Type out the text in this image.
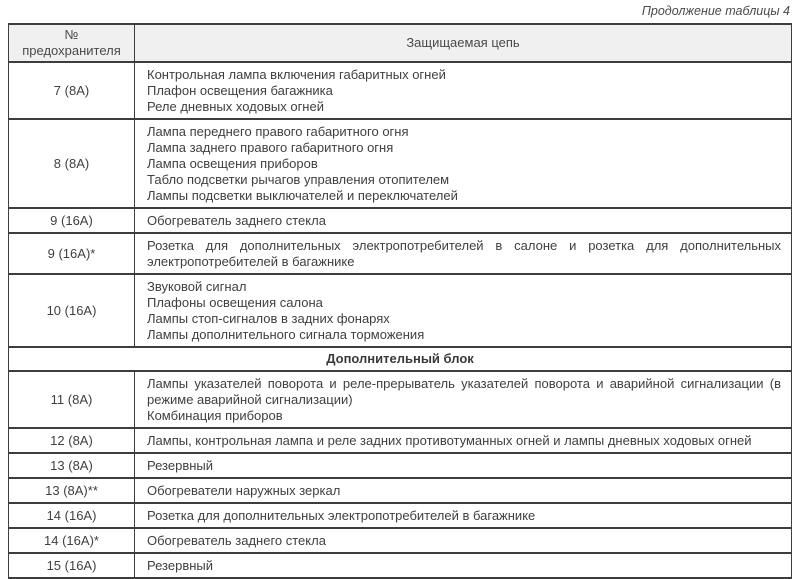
Продолжение таблицы 4
№
предохранителя	Защищаемая цепь
7 (8А)	Контрольная лампа включения габаритных огней
Плафон освещения багажника
Реле дневных ходовых огней

8 (8А)	Лампа переднего правого габаритного огня
Лампа заднего правого габаритного огня
Лампа освещения приборов
Табло подсветки рычагов управления отопителем
Лампы подсветки выключателей и переключателей

9 (16А)	Обогреватель заднего стекла

9 (16А)*	Розетка для дополнительных электропотребителей в салоне и розетка для дополнительных электропотребителей в багажнике

10 (16А)	Звуковой сигнал
Плафоны освещения салона
Лампы стоп-сигналов в задних фонарях
Лампы дополнительного сигнала торможения

Дополнительный блок	
11 (8А)	Лампы указателей поворота и реле-прерыватель указателей поворота и аварийной сигнализации (в режиме аварийной сигнализации)
Комбинация приборов

12 (8А)	Лампы, контрольная лампа и реле задних противотуманных огней и лампы дневных ходовых огней

13 (8А)	Резервный

13 (8А)**	Обогреватели наружных зеркал

14 (16А)	Розетка для дополнительных электропотребителей в багажнике

14 (16А)*	Обогреватель заднего стекла

15 (16А)	Резервный
